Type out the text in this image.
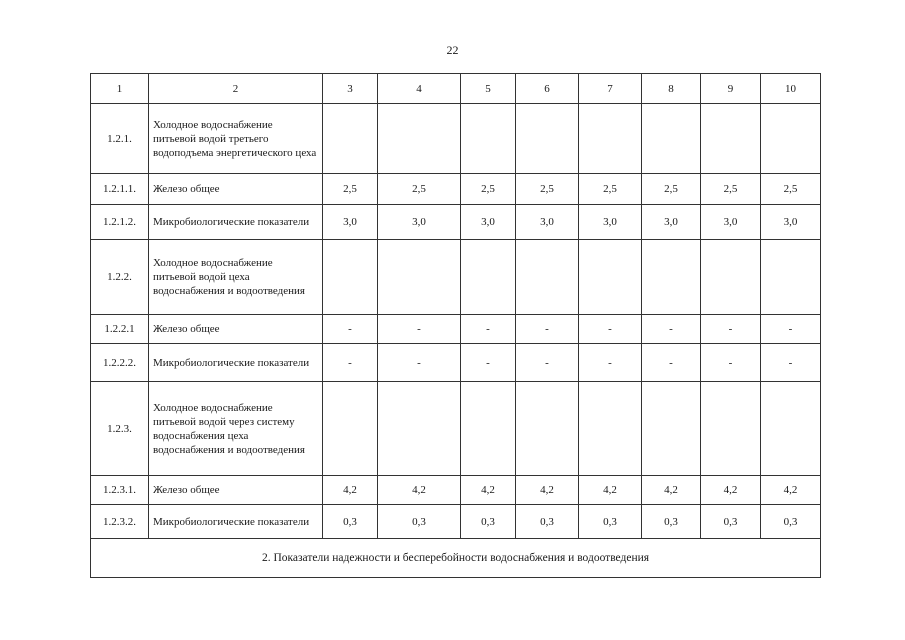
22
1	2	3	4	5	6	7	8	9	10
1.2.1.	Холодное водоснабжение питьевой водой третьего водоподъема энергетического цеха								
1.2.1.1.	Железо общее	2,5	2,5	2,5	2,5	2,5	2,5	2,5	2,5
1.2.1.2.	Микробиологические показатели	3,0	3,0	3,0	3,0	3,0	3,0	3,0	3,0
1.2.2.	Холодное водоснабжение питьевой водой цеха водоснабжения и водоотведения								
1.2.2.1	Железо общее	-	-	-	-	-	-	-	-
1.2.2.2.	Микробиологические показатели	-	-	-	-	-	-	-	-
1.2.3.	Холодное водоснабжение питьевой водой через систему водоснабжения цеха водоснабжения и водоотведения								
1.2.3.1.	Железо общее	4,2	4,2	4,2	4,2	4,2	4,2	4,2	4,2
1.2.3.2.	Микробиологические показатели	0,3	0,3	0,3	0,3	0,3	0,3	0,3	0,3
2. Показатели надежности и бесперебойности водоснабжения и водоотведения									
